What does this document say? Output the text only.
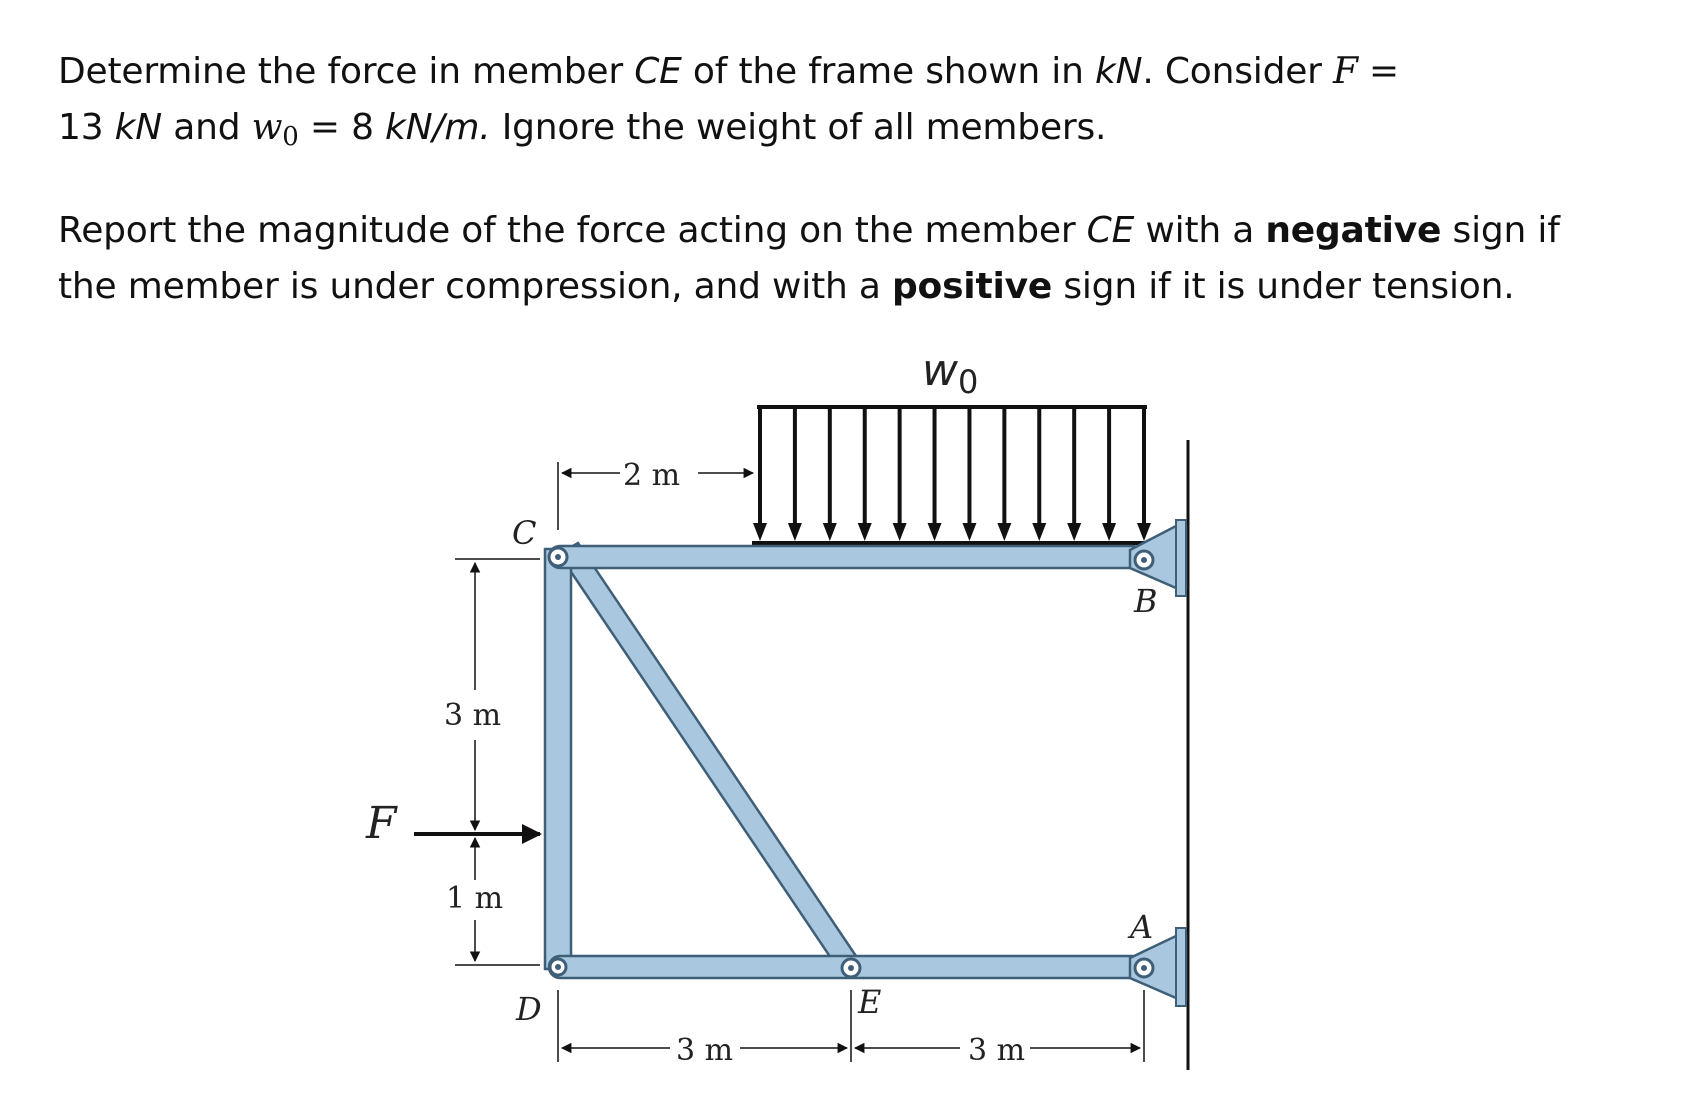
Determine the force in member CE of the frame shown in kN. Consider F =
13 kN and $w_0 = 8$ kN/m. Ignore the weight of all members.

Report the magnitude of the force acting on the member CE with a negative sign if the member is under compression, and with a positive sign if it is under tension.

F
2 m
3 m
1 m
3 m	3 m
C
B
A
D	E
w0
